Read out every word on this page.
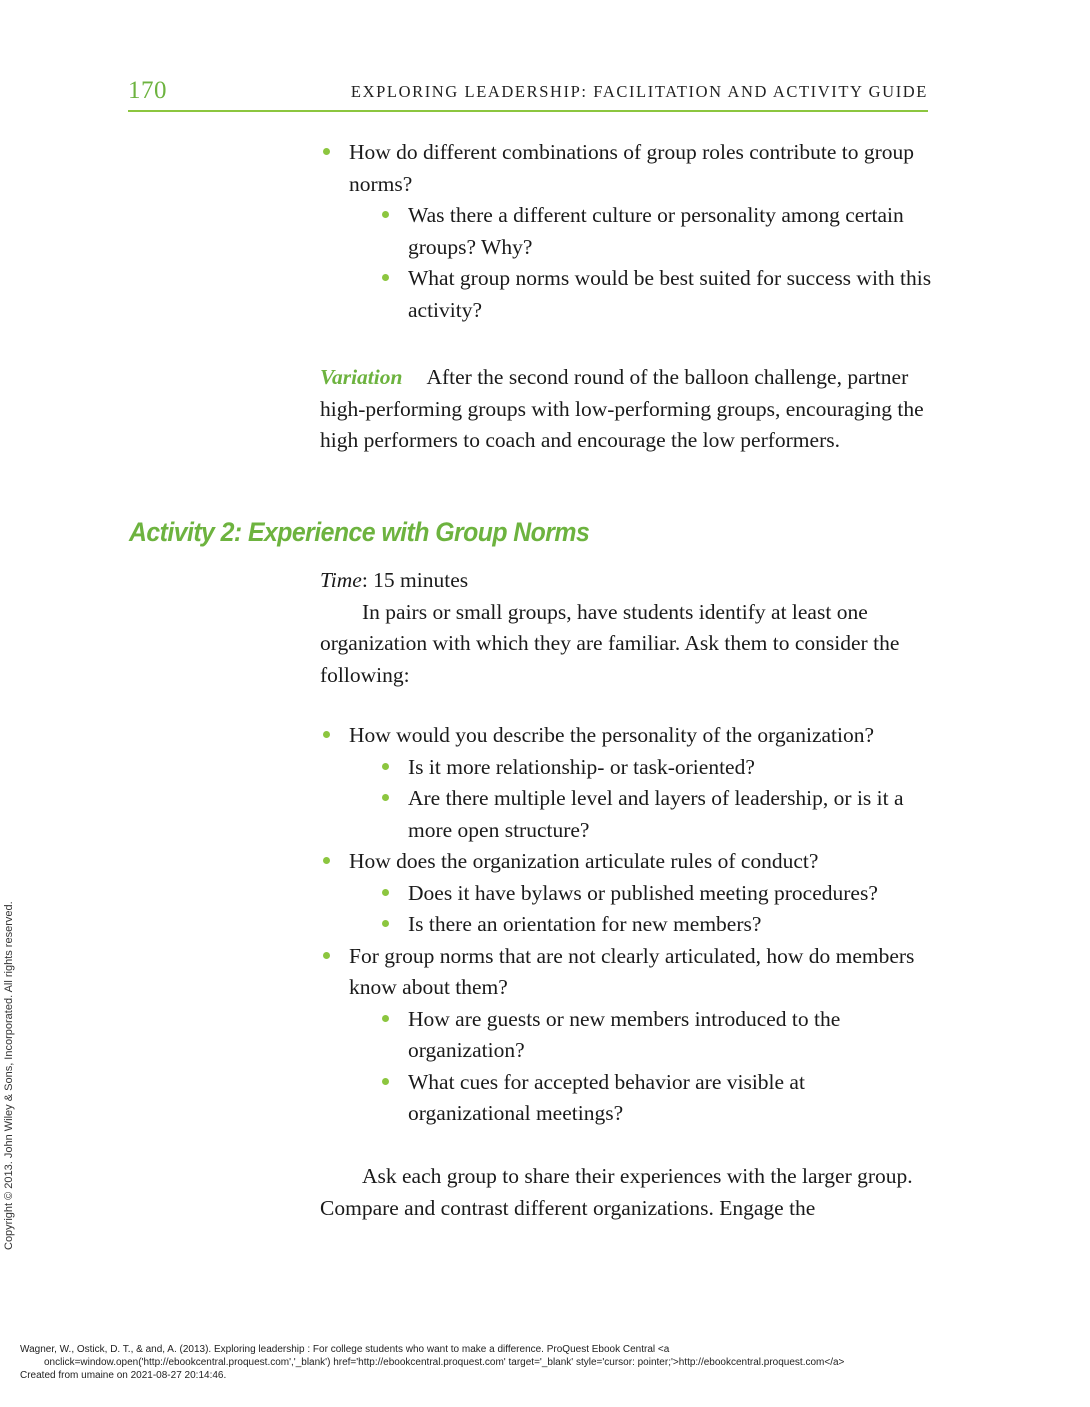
170	EXPLORING LEADERSHIP: FACILITATION AND ACTIVITY GUIDE
How do different combinations of group roles contribute to group norms?
Was there a different culture or personality among certain groups? Why?
What group norms would be best suited for success with this activity?
Variation After the second round of the balloon challenge, partner high-performing groups with low-performing groups, encouraging the high performers to coach and encourage the low performers.
Activity 2: Experience with Group Norms
Time: 15 minutes
In pairs or small groups, have students identify at least one organization with which they are familiar. Ask them to consider the following:
How would you describe the personality of the organization?
Is it more relationship- or task-oriented?
Are there multiple level and layers of leadership, or is it a more open structure?
How does the organization articulate rules of conduct?
Does it have bylaws or published meeting procedures?
Is there an orientation for new members?
For group norms that are not clearly articulated, how do members know about them?
How are guests or new members introduced to the organization?
What cues for accepted behavior are visible at organizational meetings?
Ask each group to share their experiences with the larger group. Compare and contrast different organizations. Engage the
Copyright © 2013. John Wiley & Sons, Incorporated. All rights reserved.
Wagner, W., Ostick, D. T., & and, A. (2013). Exploring leadership : For college students who want to make a difference. ProQuest Ebook Central <a
onclick=window.open('http://ebookcentral.proquest.com','_blank') href='http://ebookcentral.proquest.com' target='_blank' style='cursor: pointer;'>http://ebookcentral.proquest.com</a>
Created from umaine on 2021-08-27 20:14:46.
